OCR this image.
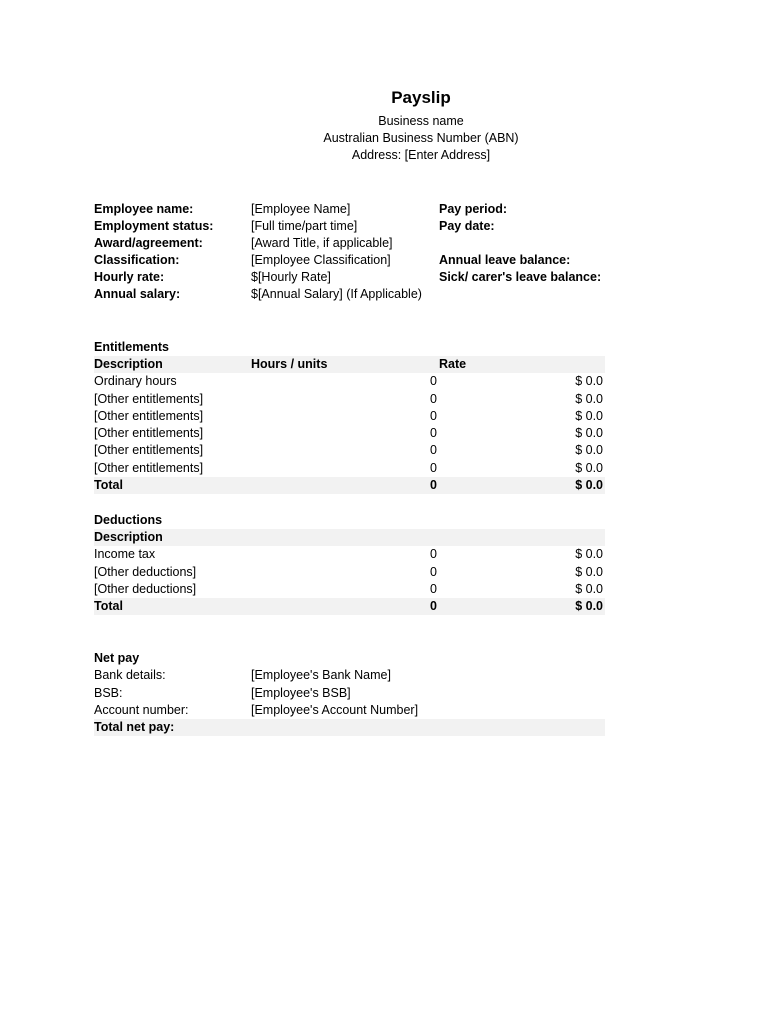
Payslip
Business name
Australian Business Number (ABN)
Address: [Enter Address]
Employee name:	[Employee Name]	Pay period:
Employment status:	[Full time/part time]	Pay date:
Award/agreement:	[Award Title, if applicable]
Classification:	[Employee Classification]	Annual leave balance:
Hourly rate:	$[Hourly Rate]	Sick/ carer's leave balance:
Annual salary:	$[Annual Salary] (If Applicable)
Entitlements
Description	Hours / units	Rate
Ordinary hours	0	$ 0.0
[Other entitlements]	0	$ 0.0
[Other entitlements]	0	$ 0.0
[Other entitlements]	0	$ 0.0
[Other entitlements]	0	$ 0.0
[Other entitlements]	0	$ 0.0
Total	0	$ 0.0
Deductions
Description
Income tax	0	$ 0.0
[Other deductions]	0	$ 0.0
[Other deductions]	0	$ 0.0
Total	0	$ 0.0
Net pay
Bank details:	[Employee's Bank Name]
BSB:	[Employee's BSB]
Account number:	[Employee's Account Number]
Total net pay:
